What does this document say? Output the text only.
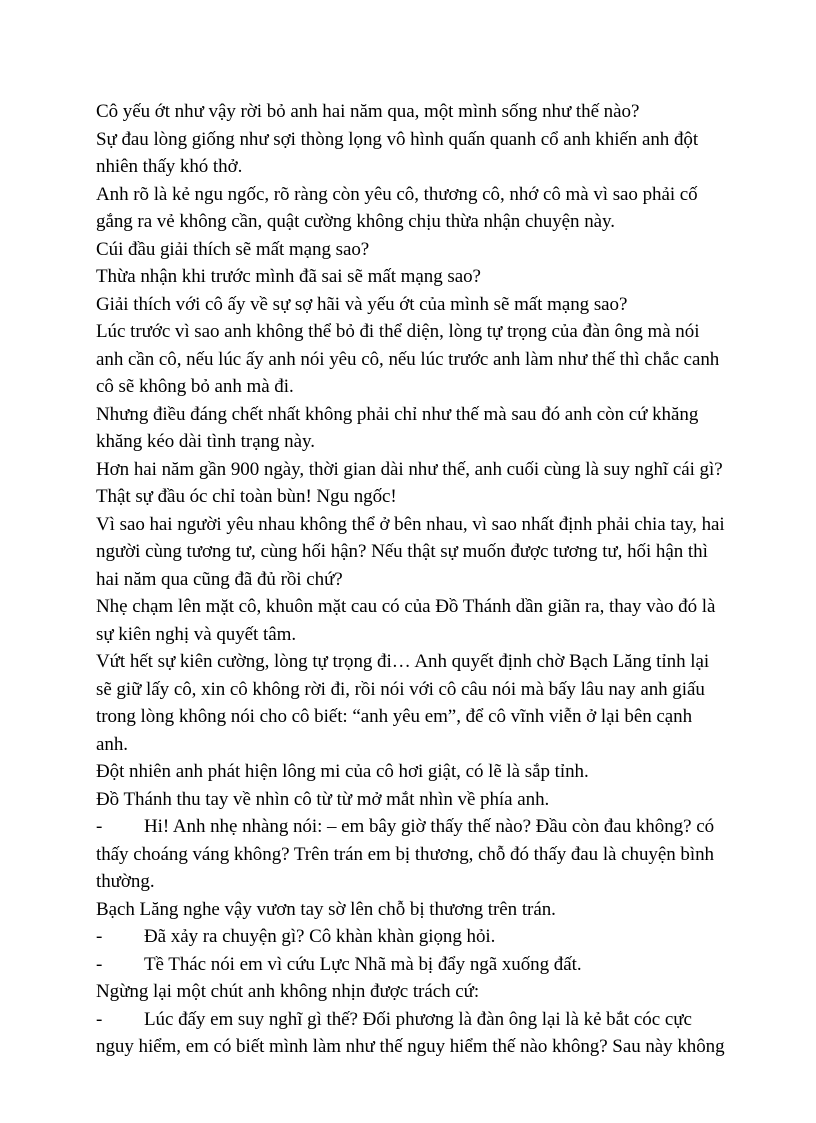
Cô yếu ớt như vậy rời bỏ anh hai năm qua, một mình sống như thế nào?

Sự đau lòng giống như sợi thòng lọng vô hình quấn quanh cổ anh khiến anh đột nhiên thấy khó thở.

Anh rõ là kẻ ngu ngốc, rõ ràng còn yêu cô, thương cô, nhớ cô mà vì sao phải cố gắng ra vẻ không cần, quật cường không chịu thừa nhận chuyện này.

Cúi đầu giải thích sẽ mất mạng sao?

Thừa nhận khi trước mình đã sai sẽ mất mạng sao?

Giải thích với cô ấy về sự sợ hãi và yếu ớt của mình sẽ mất mạng sao?

Lúc trước vì sao anh không thể bỏ đi thể diện, lòng tự trọng của đàn ông mà nói anh cần cô, nếu lúc ấy anh nói yêu cô, nếu lúc trước anh làm như thế thì chắc canh cô sẽ không bỏ anh mà đi.

Nhưng điều đáng chết nhất không phải chỉ như thế mà sau đó anh còn cứ khăng khăng kéo dài tình trạng này.

Hơn hai năm gần 900 ngày, thời gian dài như thế, anh cuối cùng là suy nghĩ cái gì? Thật sự đầu óc chỉ toàn bùn! Ngu ngốc!

Vì sao hai người yêu nhau không thể ở bên nhau, vì sao nhất định phải chia tay, hai người cùng tương tư, cùng hối hận? Nếu thật sự muốn được tương tư, hối hận thì hai năm qua cũng đã đủ rồi chứ?

Nhẹ chạm lên mặt cô, khuôn mặt cau có của Đồ Thánh dần giãn ra, thay vào đó là sự kiên nghị và quyết tâm.

Vứt hết sự kiên cường, lòng tự trọng đi… Anh quyết định chờ Bạch Lăng tỉnh lại sẽ giữ lấy cô, xin cô không rời đi, rồi nói với cô câu nói mà bấy lâu nay anh giấu trong lòng không nói cho cô biết: “anh yêu em”, để cô vĩnh viễn ở lại bên cạnh anh.

Đột nhiên anh phát hiện lông mi của cô hơi giật, có lẽ là sắp tỉnh.

Đồ Thánh thu tay về nhìn cô từ từ mở mắt nhìn về phía anh.

- Hi! Anh nhẹ nhàng nói: – em bây giờ thấy thế nào? Đầu còn đau không? có thấy choáng váng không? Trên trán em bị thương, chỗ đó thấy đau là chuyện bình thường.

Bạch Lăng nghe vậy vươn tay sờ lên chỗ bị thương trên trán.

- Đã xảy ra chuyện gì? Cô khàn khàn giọng hỏi.

- Tề Thác nói em vì cứu Lực Nhã mà bị đẩy ngã xuống đất.

Ngừng lại một chút anh không nhịn được trách cứ:

- Lúc đấy em suy nghĩ gì thế? Đối phương là đàn ông lại là kẻ bắt cóc cực nguy hiểm, em có biết mình làm như thế nguy hiểm thế nào không? Sau này không
